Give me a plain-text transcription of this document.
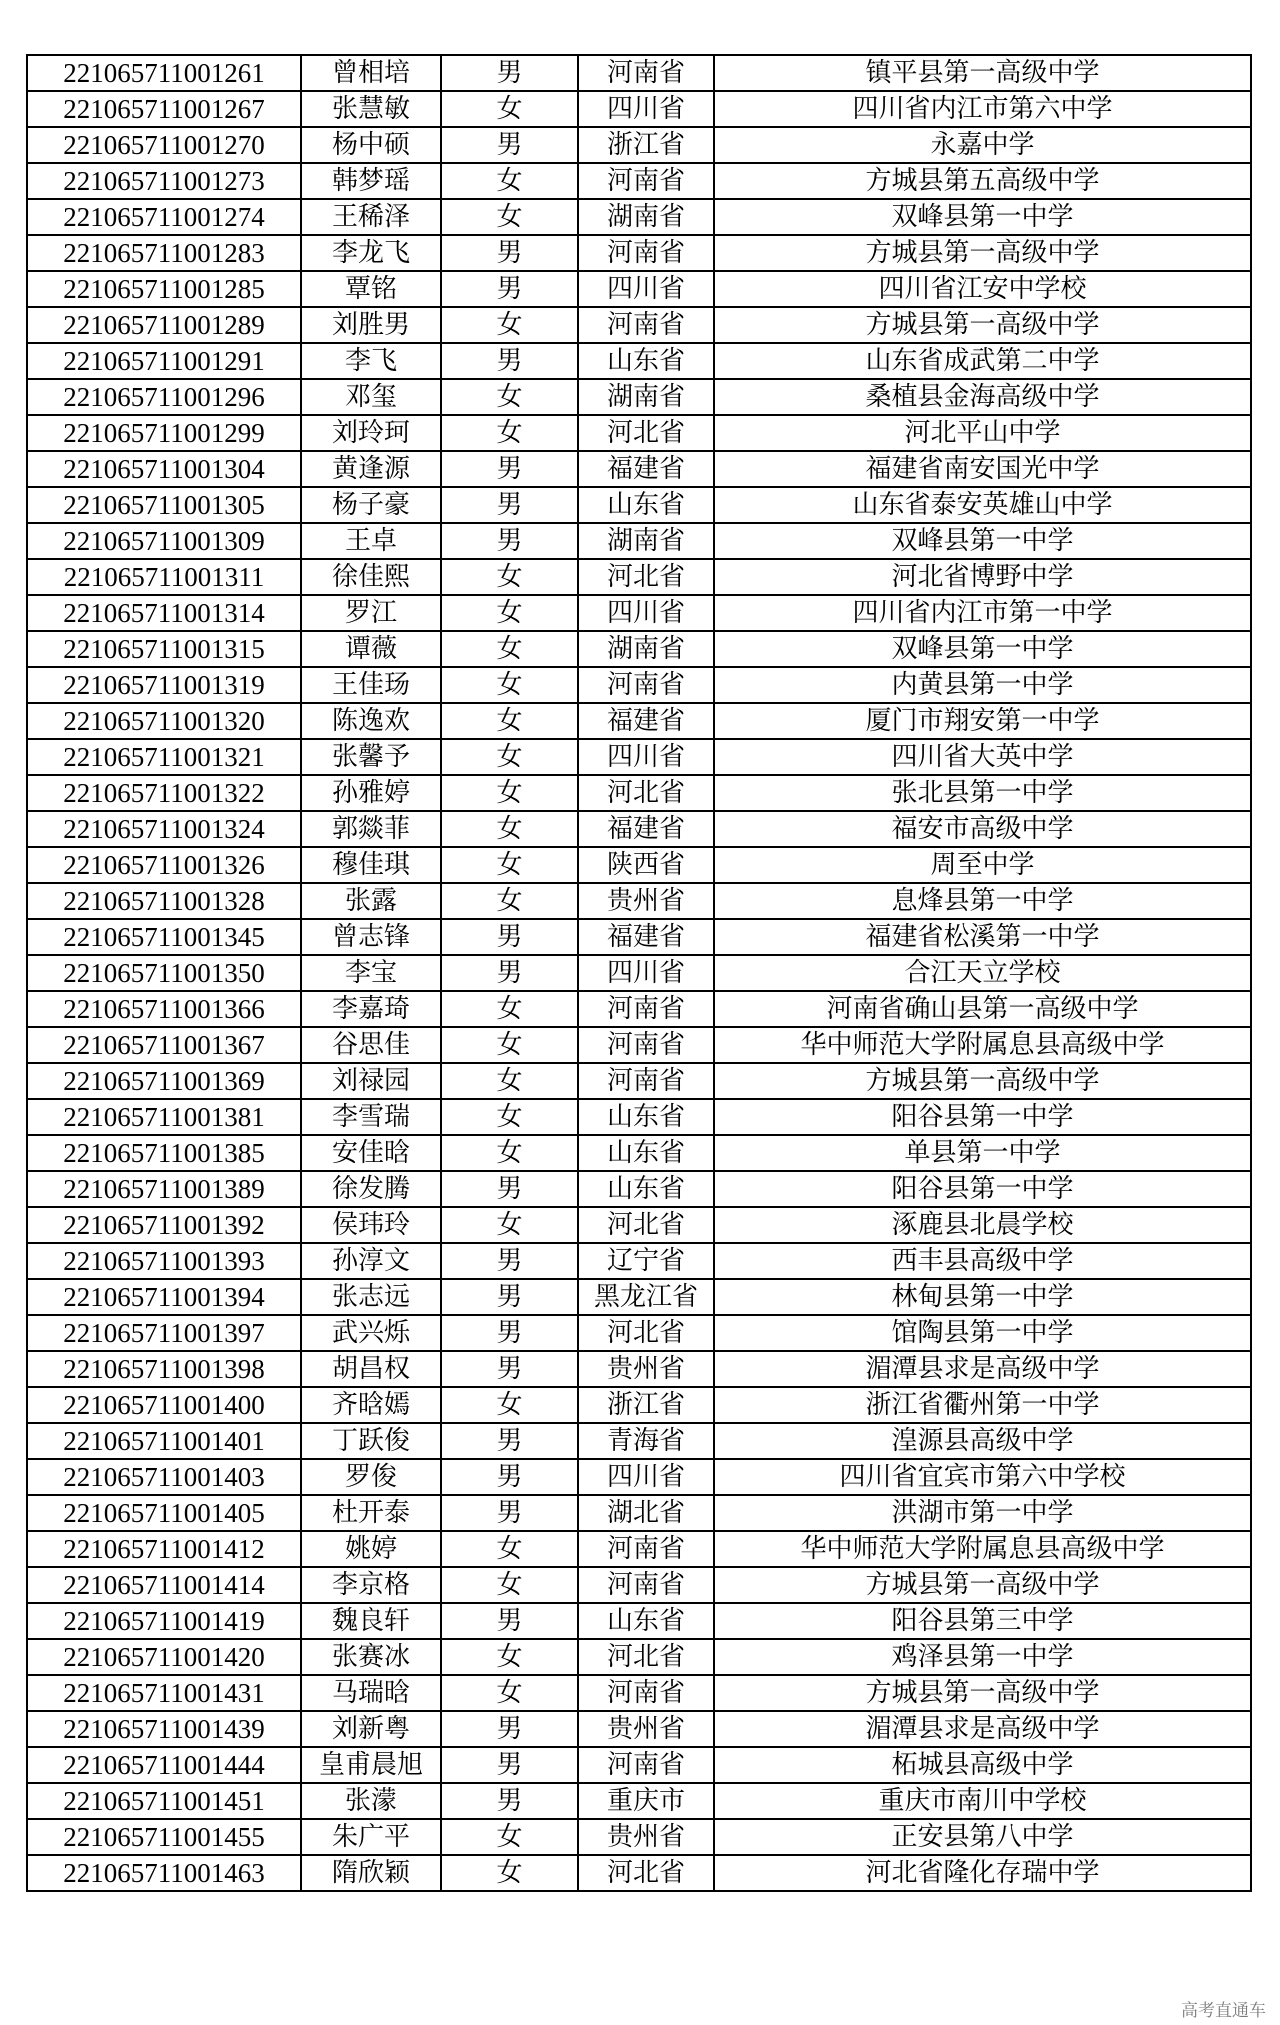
221065711001261	曾相培	男	河南省	镇平县第一高级中学
221065711001267	张慧敏	女	四川省	四川省内江市第六中学
221065711001270	杨中硕	男	浙江省	永嘉中学
221065711001273	韩梦瑶	女	河南省	方城县第五高级中学
221065711001274	王稀泽	女	湖南省	双峰县第一中学
221065711001283	李龙飞	男	河南省	方城县第一高级中学
221065711001285	覃铭	男	四川省	四川省江安中学校
221065711001289	刘胜男	女	河南省	方城县第一高级中学
221065711001291	李飞	男	山东省	山东省成武第二中学
221065711001296	邓玺	女	湖南省	桑植县金海高级中学
221065711001299	刘玲珂	女	河北省	河北平山中学
221065711001304	黄逢源	男	福建省	福建省南安国光中学
221065711001305	杨子豪	男	山东省	山东省泰安英雄山中学
221065711001309	王卓	男	湖南省	双峰县第一中学
221065711001311	徐佳熙	女	河北省	河北省博野中学
221065711001314	罗江	女	四川省	四川省内江市第一中学
221065711001315	谭薇	女	湖南省	双峰县第一中学
221065711001319	王佳玚	女	河南省	内黄县第一中学
221065711001320	陈逸欢	女	福建省	厦门市翔安第一中学
221065711001321	张馨予	女	四川省	四川省大英中学
221065711001322	孙雅婷	女	河北省	张北县第一中学
221065711001324	郭燚菲	女	福建省	福安市高级中学
221065711001326	穆佳琪	女	陕西省	周至中学
221065711001328	张露	女	贵州省	息烽县第一中学
221065711001345	曾志锋	男	福建省	福建省松溪第一中学
221065711001350	李宝	男	四川省	合江天立学校
221065711001366	李嘉琦	女	河南省	河南省确山县第一高级中学
221065711001367	谷思佳	女	河南省	华中师范大学附属息县高级中学
221065711001369	刘禄园	女	河南省	方城县第一高级中学
221065711001381	李雪瑞	女	山东省	阳谷县第一中学
221065711001385	安佳晗	女	山东省	单县第一中学
221065711001389	徐发腾	男	山东省	阳谷县第一中学
221065711001392	侯玮玲	女	河北省	涿鹿县北晨学校
221065711001393	孙淳文	男	辽宁省	西丰县高级中学
221065711001394	张志远	男	黑龙江省	林甸县第一中学
221065711001397	武兴烁	男	河北省	馆陶县第一中学
221065711001398	胡昌权	男	贵州省	湄潭县求是高级中学
221065711001400	齐晗嫣	女	浙江省	浙江省衢州第一中学
221065711001401	丁跃俊	男	青海省	湟源县高级中学
221065711001403	罗俊	男	四川省	四川省宜宾市第六中学校
221065711001405	杜开泰	男	湖北省	洪湖市第一中学
221065711001412	姚婷	女	河南省	华中师范大学附属息县高级中学
221065711001414	李京格	女	河南省	方城县第一高级中学
221065711001419	魏良轩	男	山东省	阳谷县第三中学
221065711001420	张赛冰	女	河北省	鸡泽县第一中学
221065711001431	马瑞晗	女	河南省	方城县第一高级中学
221065711001439	刘新粤	男	贵州省	湄潭县求是高级中学
221065711001444	皇甫晨旭	男	河南省	柘城县高级中学
221065711001451	张濛	男	重庆市	重庆市南川中学校
221065711001455	朱广平	女	贵州省	正安县第八中学
221065711001463	隋欣颖	女	河北省	河北省隆化存瑞中学
高考直通车
